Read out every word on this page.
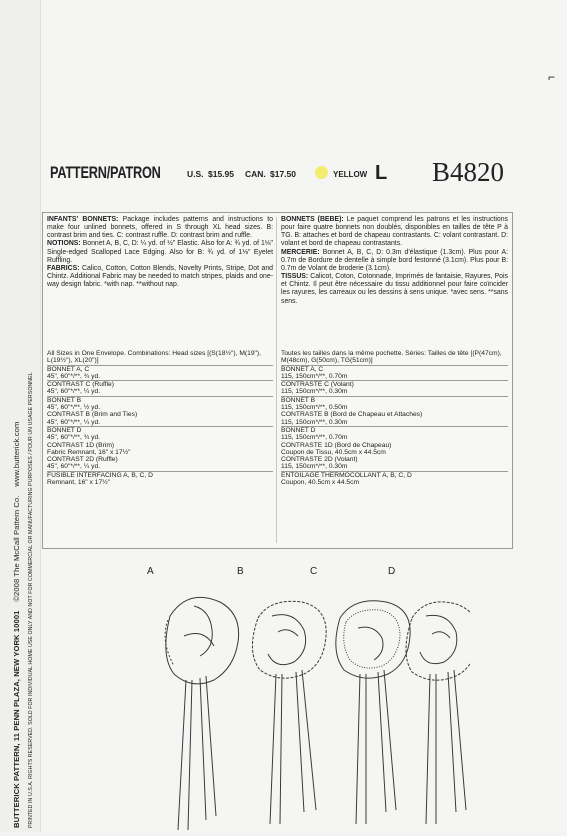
BUTTERICK PATTERN, 11 PENN PLAZA, NEW YORK 10001    ©2008 The McCall Pattern Co.    www.butterick.com PRINTED IN U.S.A. RIGHTS RESERVED. SOLD FOR INDIVIDUAL HOME USE ONLY AND NOT FOR COMMERCIAL OR MANUFACTURING PURPOSES / POUR UN USAGE PERSONNEL
⌐
PATTERN/PATRON	U.S. $15.95 CAN. $17.50	YELLOW L B4820

INFANTS' BONNETS: Package includes patterns and instructions to make four unlined bonnets, offered in S through XL head sizes. B: contrast brim and ties. C: contrast ruffle. D: contrast brim and ruffle.

NOTIONS: Bonnet A, B, C, D: ¼ yd. of ½" Elastic. Also for A: ¾ yd. of 1⅛" Single-edged Scalloped Lace Edging. Also for B: ¾ yd. of 1⅛" Eyelet Ruffling.

FABRICS: Calico, Cotton, Cotton Blends, Novelty Prints, Stripe, Dot and Chintz. Additional Fabric may be needed to match stripes, plaids and one-way design fabric. *with nap. **without nap.

BONNETS (BEBE): Le paquet comprend les patrons et les instructions pour faire quatre bonnets non doublés, disponibles en tailles de tête P à TG. B: attaches et bord de chapeau contrastants. C: volant contrastant. D: volant et bord de chapeau contrastants.

MERCERIE: Bonnet A, B, C, D: 0.3m d'élastique (1.3cm). Plus pour A: 0.7m de Bordure de dentelle à simple bord festonné (3.1cm). Plus pour B: 0.7m de Volant de broderie (3.1cm).

TISSUS: Calicot, Coton, Cotonnade, Imprimés de fantaisie, Rayures, Pois et Chintz. Il peut être nécessaire du tissu additionnel pour faire coïncider les rayures, les carreaux ou les dessins à sens unique. *avec sens. **sans sens.

All Sizes in One Envelope. Combinations: Head sizes [(S(18½"), M(19"), L(19½"), XL(20")]
BONNET A, C
45", 60"*/**, ¾ yd.
CONTRAST C (Ruffle)
45", 60"*/**, ¼ yd.
BONNET B
45", 60"*/**, ½ yd.
CONTRAST B (Brim and Ties)
45", 60"*/**, ¼ yd.
BONNET D
45", 60"*/**, ¾ yd.
CONTRAST 1D (Brim)
Fabric Remnant, 16" x 17½"
CONTRAST 2D (Ruffle)
45", 60"*/**, ¼ yd.
FUSIBLE INTERFACING A, B, C, D
Remnant, 16" x 17½"
Toutes les tailles dans la même pochette. Séries: Tailles de tête [(P(47cm), M(48cm), G(50cm), TG(51cm)]
BONNET A, C
115, 150cm*/**, 0.70m
CONTRASTE C (Volant)
115, 150cm*/**, 0.30m
BONNET B
115, 150cm*/**, 0.50m
CONTRASTE B (Bord de Chapeau et Attaches)
115, 150cm*/**, 0.30m
BONNET D
115, 150cm*/**, 0.70m
CONTRASTE 1D (Bord de Chapeau)
Coupon de Tissu, 40.5cm x 44.5cm
CONTRASTE 2D (Volant)
115, 150cm*/**, 0.30m
ENTOILAGE THERMOCOLLANT A, B, C, D
Coupon, 40.5cm x 44.5cm
A	B	C	D
